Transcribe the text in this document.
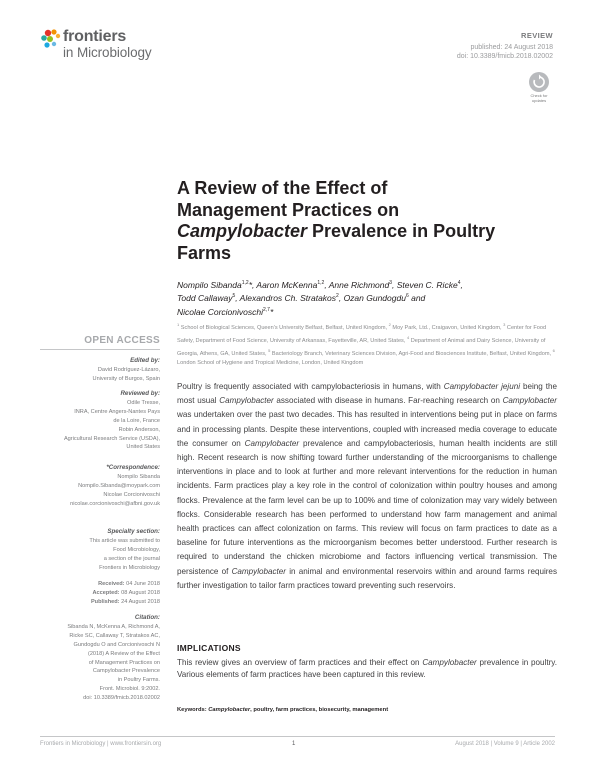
frontiers
in Microbiology
REVIEW
published: 24 August 2018
doi: 10.3389/fmicb.2018.02002
Check for
updates
A Review of the Effect of
Management Practices on
Campylobacter Prevalence in Poultry
Farms
Nompilo Sibanda$^{1,2}$*, Aaron McKenna$^{1,2}$, Anne Richmond$^3$, Steven C. Ricke$^4$,
Todd Callaway$^5$, Alexandros Ch. Stratakos$^2$, Ozan Gundogdu$^6$ and
Nicolae Corcionivoschi$^{2,7}$*
$^1$ School of Biological Sciences, Queen's University Belfast, Belfast, United Kingdom, $^2$ Moy Park, Ltd., Craigavon, United Kingdom, $^3$ Center for Food Safety, Department of Food Science, University of Arkansas, Fayetteville, AR, United States, $^4$ Department of Animal and Dairy Science, University of Georgia, Athens, GA, United States, $^5$ Bacteriology Branch, Veterinary Sciences Division, Agri-Food and Biosciences Institute, Belfast, United Kingdom, $^6$ London School of Hygiene and Tropical Medicine, London, United Kingdom
OPEN ACCESS
Edited by:
David Rodríguez-Lázaro,
University of Burgos, Spain
Reviewed by:
Odile Tresse,
INRA, Centre Angers-Nantes Pays
de la Loire, France
Robin Anderson,
Agricultural Research Service (USDA),
United States
*Correspondence:
Nompilo Sibanda
Nompilo.Sibanda@moypark.com
Nicolae Corcionivoschi
nicolae.corcionivoschi@afbni.gov.uk
Specialty section:
This article was submitted to
Food Microbiology,
a section of the journal
Frontiers in Microbiology
Received: 04 June 2018
Accepted: 08 August 2018
Published: 24 August 2018
Citation:
Sibanda N, McKenna A, Richmond A,
Ricke SC, Callaway T, Stratakos AC,
Gundogdu O and Corcionivoschi N
(2018) A Review of the Effect
of Management Practices on
Campylobacter Prevalence
in Poultry Farms.
Front. Microbiol. 9:2002.
doi: 10.3389/fmicb.2018.02002
Poultry is frequently associated with campylobacteriosis in humans, with Campylobacter jejuni being the most usual Campylobacter associated with disease in humans. Far-reaching research on Campylobacter was undertaken over the past two decades. This has resulted in interventions being put in place on farms and in processing plants. Despite these interventions, coupled with increased media coverage to educate the consumer on Campylobacter prevalence and campylobacteriosis, human health incidents are still high. Recent research is now shifting toward further understanding of the microorganisms to challenge interventions in place and to look at further and more relevant interventions for the reduction in human incidents. Farm practices play a key role in the control of colonization within poultry houses and among flocks. Prevalence at the farm level can be up to 100% and time of colonization may vary widely between flocks. Considerable research has been performed to understand how farm management and animal health practices can affect colonization on farms. This review will focus on farm practices to date as a baseline for future interventions as the microorganism becomes better understood. Further research is required to understand the chicken microbiome and factors influencing vertical transmission. The persistence of Campylobacter in animal and environmental reservoirs within and around farms requires further investigation to tailor farm practices toward preventing such reservoirs.
IMPLICATIONS
This review gives an overview of farm practices and their effect on Campylobacter prevalence in poultry. Various elements of farm practices have been captured in this review.
Keywords: Campylobacter, poultry, farm practices, biosecurity, management
Frontiers in Microbiology | www.frontiersin.org	1	August 2018 | Volume 9 | Article 2002
